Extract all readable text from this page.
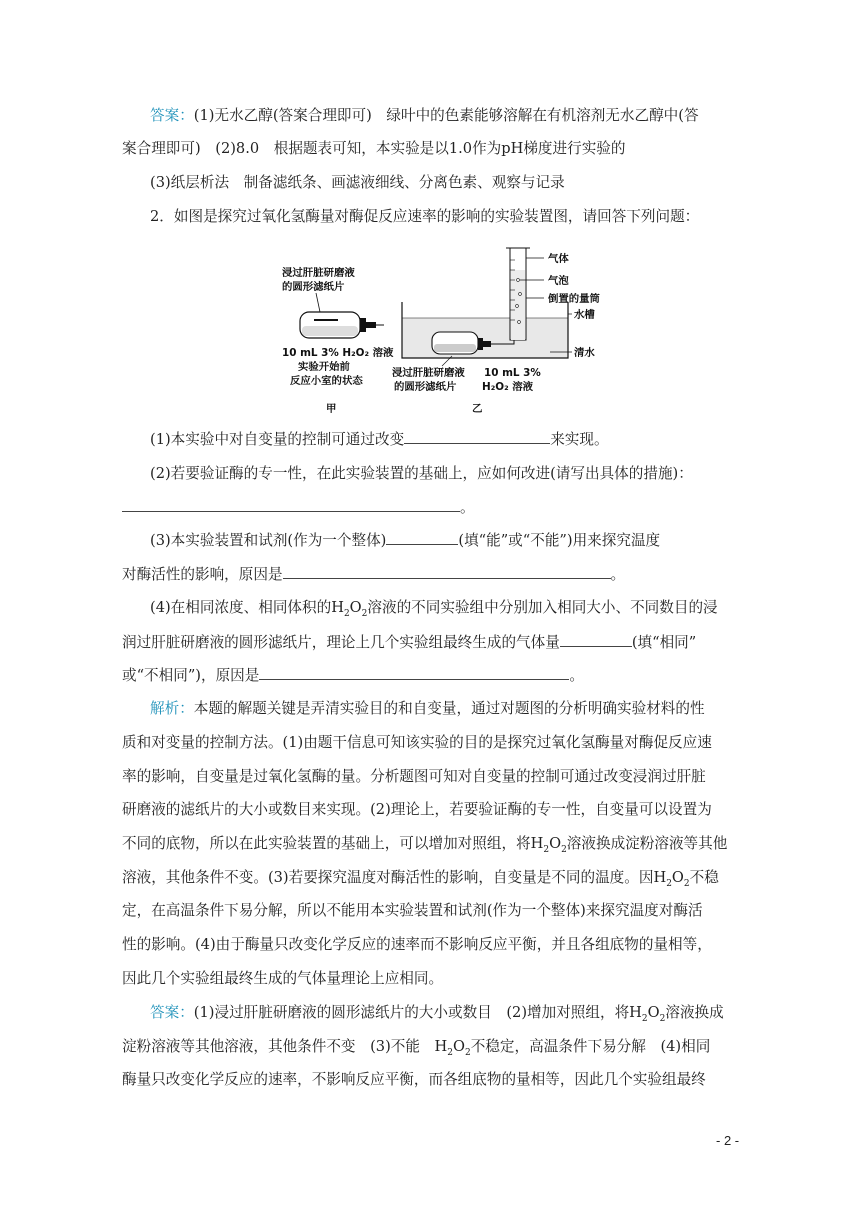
答案：(1)无水乙醇(答案合理即可)　绿叶中的色素能够溶解在有机溶剂无水乙醇中(答
案合理即可)　(2)8.0　根据题表可知，本实验是以1.0作为pH梯度进行实验的
(3)纸层析法　制备滤纸条、画滤液细线、分离色素、观察与记录
2．如图是探究过氧化氢酶量对酶促反应速率的影响的实验装置图，请回答下列问题：
浸过肝脏研磨液
的圆形滤纸片
10 mL 3% H₂O₂ 溶液
实验开始前
反应小室的状态
甲
气体
气泡
倒置的量筒
水槽
清水
浸过肝脏研磨液
的圆形滤纸片
10 mL 3%
H₂O₂ 溶液
乙
(1)本实验中对自变量的控制可通过改变	来实现。
(2)若要验证酶的专一性，在此实验装置的基础上，应如何改进(请写出具体的措施)：
。
(3)本实验装置和试剂(作为一个整体)	(填“能”或“不能”)用来探究温度
对酶活性的影响，原因是	。
(4)在相同浓度、相同体积的$H_2O_2$溶液的不同实验组中分别加入相同大小、不同数目的浸
润过肝脏研磨液的圆形滤纸片，理论上几个实验组最终生成的气体量	(填“相同”
或“不相同”)，原因是	。
解析：本题的解题关键是弄清实验目的和自变量，通过对题图的分析明确实验材料的性
质和对变量的控制方法。(1)由题干信息可知该实验的目的是探究过氧化氢酶量对酶促反应速
率的影响，自变量是过氧化氢酶的量。分析题图可知对自变量的控制可通过改变浸润过肝脏
研磨液的滤纸片的大小或数目来实现。(2)理论上，若要验证酶的专一性，自变量可以设置为
不同的底物，所以在此实验装置的基础上，可以增加对照组，将$H_2O_2$溶液换成淀粉溶液等其他
溶液，其他条件不变。(3)若要探究温度对酶活性的影响，自变量是不同的温度。因$H_2O_2$不稳
定，在高温条件下易分解，所以不能用本实验装置和试剂(作为一个整体)来探究温度对酶活
性的影响。(4)由于酶量只改变化学反应的速率而不影响反应平衡，并且各组底物的量相等，
因此几个实验组最终生成的气体量理论上应相同。
答案：(1)浸过肝脏研磨液的圆形滤纸片的大小或数目　(2)增加对照组，将$H_2O_2$溶液换成
淀粉溶液等其他溶液，其他条件不变　(3)不能　$H_2O_2$不稳定，高温条件下易分解　(4)相同
酶量只改变化学反应的速率，不影响反应平衡，而各组底物的量相等，因此几个实验组最终
- 2 -
